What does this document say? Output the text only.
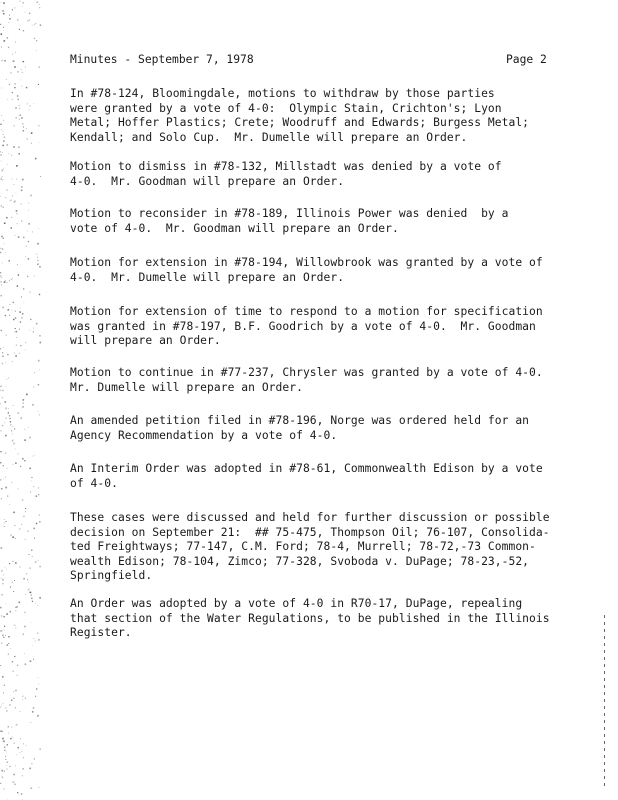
Minutes - September 7, 1978	Page 2

In #78-124, Bloomingdale, motions to withdraw by those parties
were granted by a vote of 4-0:  Olympic Stain, Crichton's; Lyon
Metal; Hoffer Plastics; Crete; Woodruff and Edwards; Burgess Metal;
Kendall; and Solo Cup.  Mr. Dumelle will prepare an Order.

Motion to dismiss in #78-132, Millstadt was denied by a vote of
4-0.  Mr. Goodman will prepare an Order.

Motion to reconsider in #78-189, Illinois Power was denied  by a
vote of 4-0.  Mr. Goodman will prepare an Order.

Motion for extension in #78-194, Willowbrook was granted by a vote of
4-0.  Mr. Dumelle will prepare an Order.

Motion for extension of time to respond to a motion for specification
was granted in #78-197, B.F. Goodrich by a vote of 4-0.  Mr. Goodman
will prepare an Order.

Motion to continue in #77-237, Chrysler was granted by a vote of 4-0.
Mr. Dumelle will prepare an Order.

An amended petition filed in #78-196, Norge was ordered held for an
Agency Recommendation by a vote of 4-0.

An Interim Order was adopted in #78-61, Commonwealth Edison by a vote
of 4-0.

These cases were discussed and held for further discussion or possible
decision on September 21:  ## 75-475, Thompson Oil; 76-107, Consolida-
ted Freightways; 77-147, C.M. Ford; 78-4, Murrell; 78-72,-73 Common-
wealth Edison; 78-104, Zimco; 77-328, Svoboda v. DuPage; 78-23,-52,
Springfield.

An Order was adopted by a vote of 4-0 in R70-17, DuPage, repealing
that section of the Water Regulations, to be published in the Illinois
Register.
